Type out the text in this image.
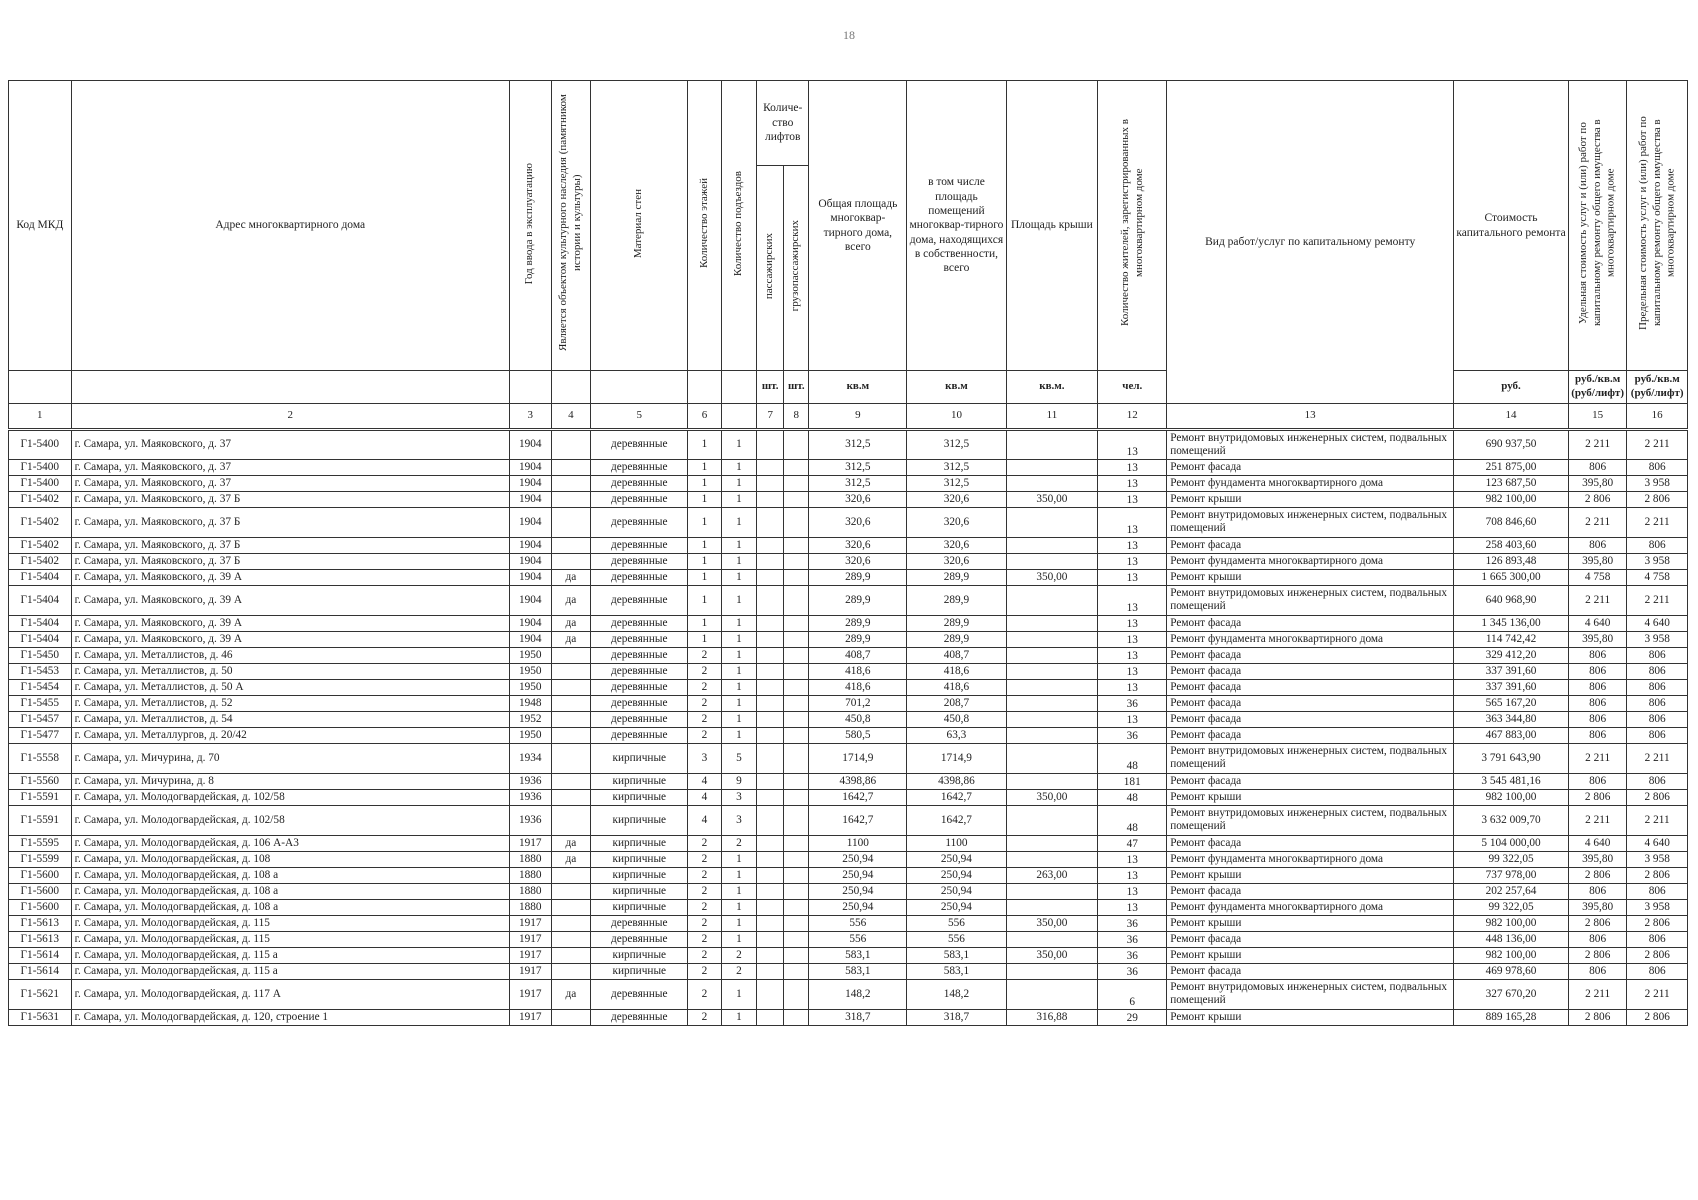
18
Код МКД	Адрес многоквартирного дома	Год ввода в эксплуатацию	Является объектом культурного наследия (памятником истории и культуры)	Материал стен	Количество этажей	Количество подъездов	Количе-ство лифтов		Общая площадь многоквар-тирного дома, всего	в том числе площадь помещений многоквар-тирного дома, находящихся в собственности, всего	Площадь крыши	Количество жителей, зарегистрированных в многоквартирном доме	Вид работ/услуг по капитальному ремонту	Стоимость капитального ремонта	Удельная стоимость услуг и (или) работ по капитальному ремонту общего имущества в многоквартирном доме	Предельная стоимость услуг и (или) работ по капитальному ремонту общего имущества в многоквартирном доме
							пассажирских	грузопассажирских								
							шт.	шт.	кв.м	кв.м	кв.м.	чел.		руб.	руб./кв.м (руб/лифт)	руб./кв.м (руб/лифт)
1	2	3	4	5	6		7	8	9	10	11	12	13	14	15	16
Г1-5400	г. Самара, ул. Маяковского, д. 37	1904		деревянные	1	1			312,5	312,5		13	Ремонт внутридомовых инженерных систем, подвальных помещений	690 937,50	2 211	2 211
Г1-5400	г. Самара, ул. Маяковского, д. 37	1904		деревянные	1	1			312,5	312,5		13	Ремонт фасада	251 875,00	806	806
Г1-5400	г. Самара, ул. Маяковского, д. 37	1904		деревянные	1	1			312,5	312,5		13	Ремонт фундамента многоквартирного дома	123 687,50	395,80	3 958
Г1-5402	г. Самара, ул. Маяковского, д. 37 Б	1904		деревянные	1	1			320,6	320,6	350,00	13	Ремонт крыши	982 100,00	2 806	2 806
Г1-5402	г. Самара, ул. Маяковского, д. 37 Б	1904		деревянные	1	1			320,6	320,6		13	Ремонт внутридомовых инженерных систем, подвальных помещений	708 846,60	2 211	2 211
Г1-5402	г. Самара, ул. Маяковского, д. 37 Б	1904		деревянные	1	1			320,6	320,6		13	Ремонт фасада	258 403,60	806	806
Г1-5402	г. Самара, ул. Маяковского, д. 37 Б	1904		деревянные	1	1			320,6	320,6		13	Ремонт фундамента многоквартирного дома	126 893,48	395,80	3 958
Г1-5404	г. Самара, ул. Маяковского, д. 39 А	1904	да	деревянные	1	1			289,9	289,9	350,00	13	Ремонт крыши	1 665 300,00	4 758	4 758
Г1-5404	г. Самара, ул. Маяковского, д. 39 А	1904	да	деревянные	1	1			289,9	289,9		13	Ремонт внутридомовых инженерных систем, подвальных помещений	640 968,90	2 211	2 211
Г1-5404	г. Самара, ул. Маяковского, д. 39 А	1904	да	деревянные	1	1			289,9	289,9		13	Ремонт фасада	1 345 136,00	4 640	4 640
Г1-5404	г. Самара, ул. Маяковского, д. 39 А	1904	да	деревянные	1	1			289,9	289,9		13	Ремонт фундамента многоквартирного дома	114 742,42	395,80	3 958
Г1-5450	г. Самара, ул. Металлистов, д. 46	1950		деревянные	2	1			408,7	408,7		13	Ремонт фасада	329 412,20	806	806
Г1-5453	г. Самара, ул. Металлистов, д. 50	1950		деревянные	2	1			418,6	418,6		13	Ремонт фасада	337 391,60	806	806
Г1-5454	г. Самара, ул. Металлистов, д. 50 А	1950		деревянные	2	1			418,6	418,6		13	Ремонт фасада	337 391,60	806	806
Г1-5455	г. Самара, ул. Металлистов, д. 52	1948		деревянные	2	1			701,2	208,7		36	Ремонт фасада	565 167,20	806	806
Г1-5457	г. Самара, ул. Металлистов, д. 54	1952		деревянные	2	1			450,8	450,8		13	Ремонт фасада	363 344,80	806	806
Г1-5477	г. Самара, ул. Металлургов, д. 20/42	1950		деревянные	2	1			580,5	63,3		36	Ремонт фасада	467 883,00	806	806
Г1-5558	г. Самара, ул. Мичурина, д. 70	1934		кирпичные	3	5			1714,9	1714,9		48	Ремонт внутридомовых инженерных систем, подвальных помещений	3 791 643,90	2 211	2 211
Г1-5560	г. Самара, ул. Мичурина, д. 8	1936		кирпичные	4	9			4398,86	4398,86		181	Ремонт фасада	3 545 481,16	806	806
Г1-5591	г. Самара, ул. Молодогвардейская, д. 102/58	1936		кирпичные	4	3			1642,7	1642,7	350,00	48	Ремонт крыши	982 100,00	2 806	2 806
Г1-5591	г. Самара, ул. Молодогвардейская, д. 102/58	1936		кирпичные	4	3			1642,7	1642,7		48	Ремонт внутридомовых инженерных систем, подвальных помещений	3 632 009,70	2 211	2 211
Г1-5595	г. Самара, ул. Молодогвардейская, д. 106 А-А3	1917	да	кирпичные	2	2			1100	1100		47	Ремонт фасада	5 104 000,00	4 640	4 640
Г1-5599	г. Самара, ул. Молодогвардейская, д. 108	1880	да	кирпичные	2	1			250,94	250,94		13	Ремонт фундамента многоквартирного дома	99 322,05	395,80	3 958
Г1-5600	г. Самара, ул. Молодогвардейская, д. 108 а	1880		кирпичные	2	1			250,94	250,94	263,00	13	Ремонт крыши	737 978,00	2 806	2 806
Г1-5600	г. Самара, ул. Молодогвардейская, д. 108 а	1880		кирпичные	2	1			250,94	250,94		13	Ремонт фасада	202 257,64	806	806
Г1-5600	г. Самара, ул. Молодогвардейская, д. 108 а	1880		кирпичные	2	1			250,94	250,94		13	Ремонт фундамента многоквартирного дома	99 322,05	395,80	3 958
Г1-5613	г. Самара, ул. Молодогвардейская, д. 115	1917		деревянные	2	1			556	556	350,00	36	Ремонт крыши	982 100,00	2 806	2 806
Г1-5613	г. Самара, ул. Молодогвардейская, д. 115	1917		деревянные	2	1			556	556		36	Ремонт фасада	448 136,00	806	806
Г1-5614	г. Самара, ул. Молодогвардейская, д. 115 а	1917		кирпичные	2	2			583,1	583,1	350,00	36	Ремонт крыши	982 100,00	2 806	2 806
Г1-5614	г. Самара, ул. Молодогвардейская, д. 115 а	1917		кирпичные	2	2			583,1	583,1		36	Ремонт фасада	469 978,60	806	806
Г1-5621	г. Самара, ул. Молодогвардейская, д. 117 А	1917	да	деревянные	2	1			148,2	148,2		6	Ремонт внутридомовых инженерных систем, подвальных помещений	327 670,20	2 211	2 211
Г1-5631	г. Самара, ул. Молодогвардейская, д. 120, строение 1	1917		деревянные	2	1			318,7	318,7	316,88	29	Ремонт крыши	889 165,28	2 806	2 806
